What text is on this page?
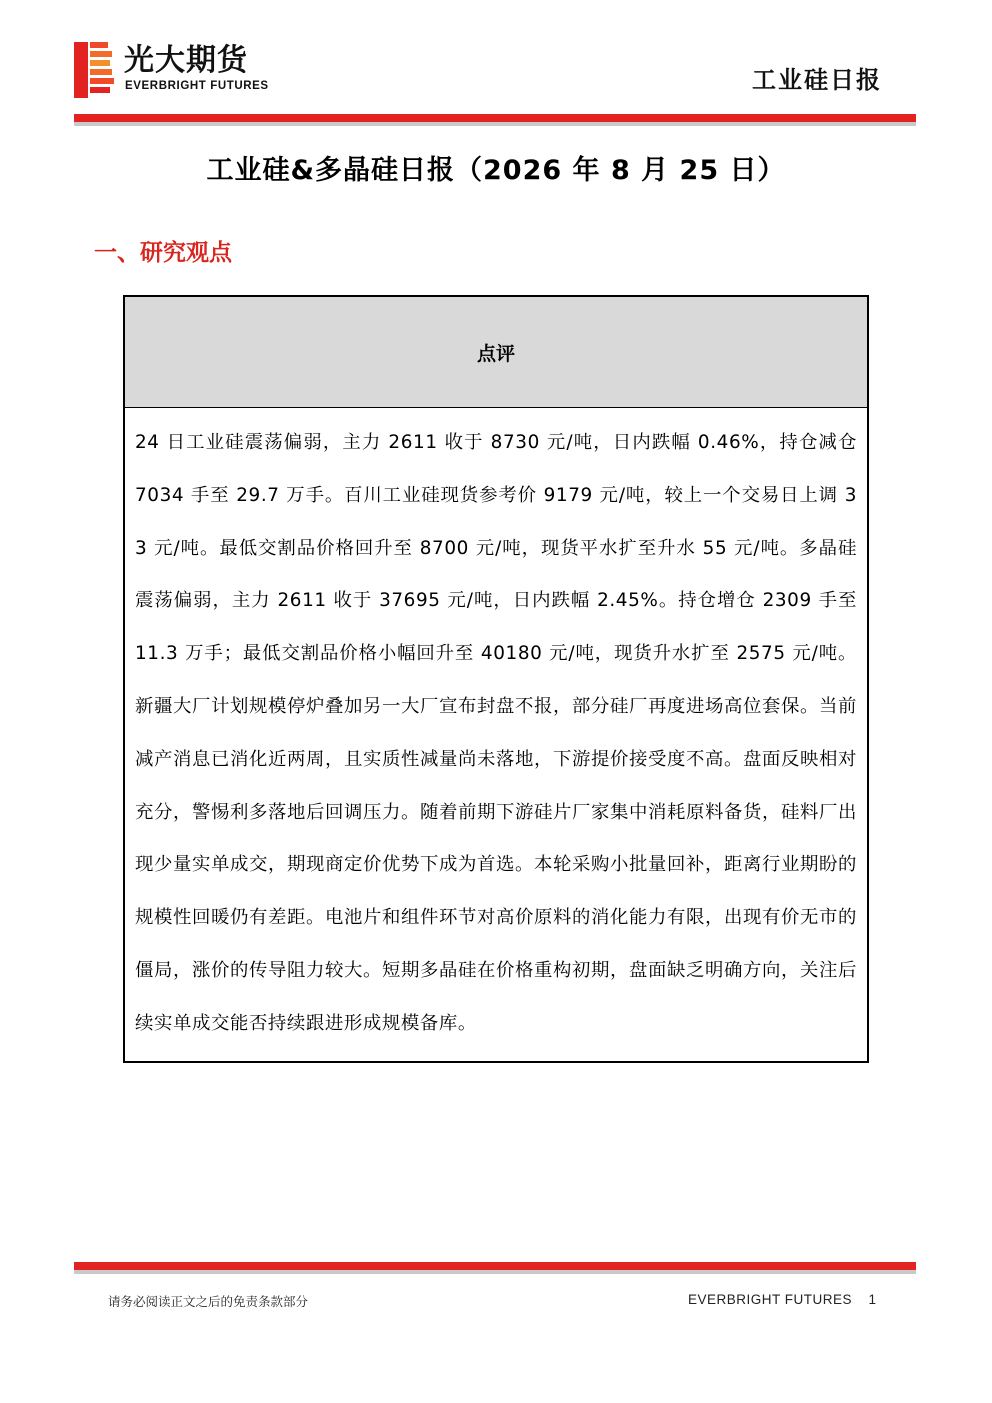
光大期货
EVERBRIGHT FUTURES	工业硅日报
工业硅&多晶硅日报（2026 年 8 月 25 日）
一、研究观点
点评
24 日工业硅震荡偏弱，主力 2611 收于 8730 元/吨，日内跌幅 0.46%，持仓减仓 7034 手至 29.7 万手。百川工业硅现货参考价 9179 元/吨，较上一个交易日上调 33 元/吨。最低交割品价格回升至 8700 元/吨，现货平水扩至升水 55 元/吨。多晶硅震荡偏弱，主力 2611 收于 37695 元/吨，日内跌幅 2.45%。持仓增仓 2309 手至 11.3 万手；最低交割品价格小幅回升至 40180 元/吨，现货升水扩至 2575 元/吨。新疆大厂计划规模停炉叠加另一大厂宣布封盘不报，部分硅厂再度进场高位套保。当前减产消息已消化近两周，且实质性减量尚未落地，下游提价接受度不高。盘面反映相对充分，警惕利多落地后回调压力。随着前期下游硅片厂家集中消耗原料备货，硅料厂出现少量实单成交，期现商定价优势下成为首选。本轮采购小批量回补，距离行业期盼的规模性回暖仍有差距。电池片和组件环节对高价原料的消化能力有限，出现有价无市的僵局，涨价的传导阻力较大。短期多晶硅在价格重构初期，盘面缺乏明确方向，关注后续实单成交能否持续跟进形成规模备库。
请务必阅读正文之后的免责条款部分	EVERBRIGHT FUTURES 1
